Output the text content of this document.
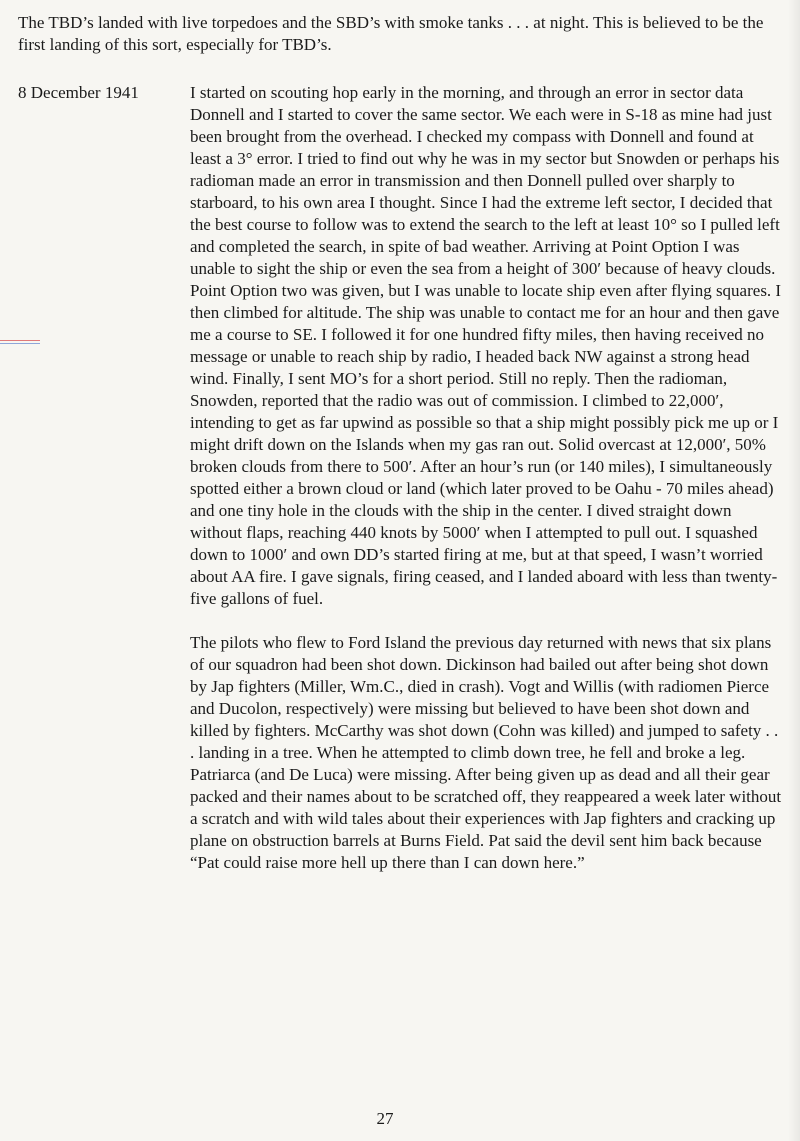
The TBD’s landed with live torpedoes and the SBD’s with smoke tanks . . . at night. This is believed to be the first landing of this sort, especially for TBD’s.
8 December 1941	I started on scouting hop early in the morning, and through an error in sector data Donnell and I started to cover the same sector. We each were in S-18 as mine had just been brought from the overhead. I checked my compass with Donnell and found at least a 3° error. I tried to find out why he was in my sector but Snowden or perhaps his radioman made an error in transmission and then Donnell pulled over sharply to starboard, to his own area I thought. Since I had the extreme left sector, I decided that the best course to follow was to extend the search to the left at least 10° so I pulled left and completed the search, in spite of bad weather. Arriving at Point Option I was unable to sight the ship or even the sea from a height of 300′ because of heavy clouds. Point Option two was given, but I was unable to locate ship even after flying squares. I then climbed for altitude. The ship was unable to contact me for an hour and then gave me a course to SE. I followed it for one hundred fifty miles, then having received no message or unable to reach ship by radio, I headed back NW against a strong head wind. Finally, I sent MO’s for a short period. Still no reply. Then the radioman, Snowden, reported that the radio was out of commission. I climbed to 22,000′, intending to get as far upwind as possible so that a ship might possibly pick me up or I might drift down on the Islands when my gas ran out. Solid overcast at 12,000′, 50% broken clouds from there to 500′. After an hour’s run (or 140 miles), I simultaneously spotted either a brown cloud or land (which later proved to be Oahu - 70 miles ahead) and one tiny hole in the clouds with the ship in the center. I dived straight down without flaps, reaching 440 knots by 5000′ when I attempted to pull out. I squashed down to 1000′ and own DD’s started firing at me, but at that speed, I wasn’t worried about AA fire. I gave signals, firing ceased, and I landed aboard with less than twenty-five gallons of fuel.

The pilots who flew to Ford Island the previous day returned with news that six plans of our squadron had been shot down. Dickinson had bailed out after being shot down by Jap fighters (Miller, Wm.C., died in crash). Vogt and Willis (with radiomen Pierce and Ducolon, respectively) were missing but believed to have been shot down and killed by fighters. McCarthy was shot down (Cohn was killed) and jumped to safety . . . landing in a tree. When he attempted to climb down tree, he fell and broke a leg. Patriarca (and De Luca) were missing. After being given up as dead and all their gear packed and their names about to be scratched off, they reappeared a week later without a scratch and with wild tales about their experiences with Jap fighters and cracking up plane on obstruction barrels at Burns Field. Pat said the devil sent him back because “Pat could raise more hell up there than I can down here.”

27
